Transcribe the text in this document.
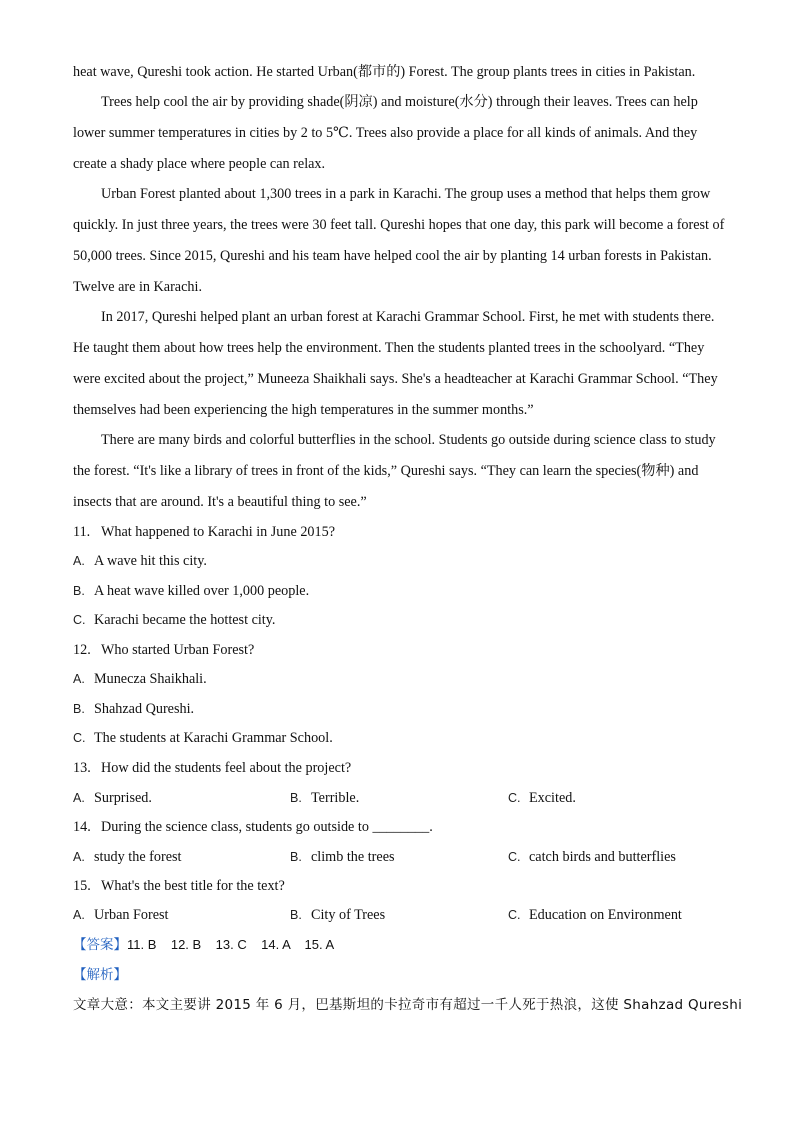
heat wave, Qureshi took action. He started Urban(都市的) Forest. The group plants trees in cities in Pakistan.
Trees help cool the air by providing shade(阴凉) and moisture(水分) through their leaves. Trees can help
lower summer temperatures in cities by 2 to 5℃. Trees also provide a place for all kinds of animals. And they
create a shady place where people can relax.
Urban Forest planted about 1,300 trees in a park in Karachi. The group uses a method that helps them grow
quickly. In just three years, the trees were 30 feet tall. Qureshi hopes that one day, this park will become a forest of
50,000 trees. Since 2015, Qureshi and his team have helped cool the air by planting 14 urban forests in Pakistan.
Twelve are in Karachi.
In 2017, Qureshi helped plant an urban forest at Karachi Grammar School. First, he met with students there.
He taught them about how trees help the environment. Then the students planted trees in the schoolyard. “They
were excited about the project,” Muneeza Shaikhali says. She's a headteacher at Karachi Grammar School. “They
themselves had been experiencing the high temperatures in the summer months.”
There are many birds and colorful butterflies in the school. Students go outside during science class to study
the forest. “It's like a library of trees in front of the kids,” Qureshi says. “They can learn the species(物种) and
insects that are around. It's a beautiful thing to see.”
11. What happened to Karachi in June 2015?
A. A wave hit this city.
B. A heat wave killed over 1,000 people.
C. Karachi became the hottest city.
12. Who started Urban Forest?
A. Munecza Shaikhali.
B. Shahzad Qureshi.
C. The students at Karachi Grammar School.
13. How did the students feel about the project?
A. Surprised.	B. Terrible.	C. Excited.
14. During the science class, students go outside to ________.
A. study the forest	B. climb the trees	C. catch birds and butterflies
15. What's the best title for the text?
A. Urban Forest	B. City of Trees	C. Education on Environment
【答案】11. B    12. B    13. C    14. A    15. A
【解析】
文章大意：本文主要讲 2015 年 6 月，巴基斯坦的卡拉奇市有超过一千人死于热浪，这使 Shahzad Qureshi
